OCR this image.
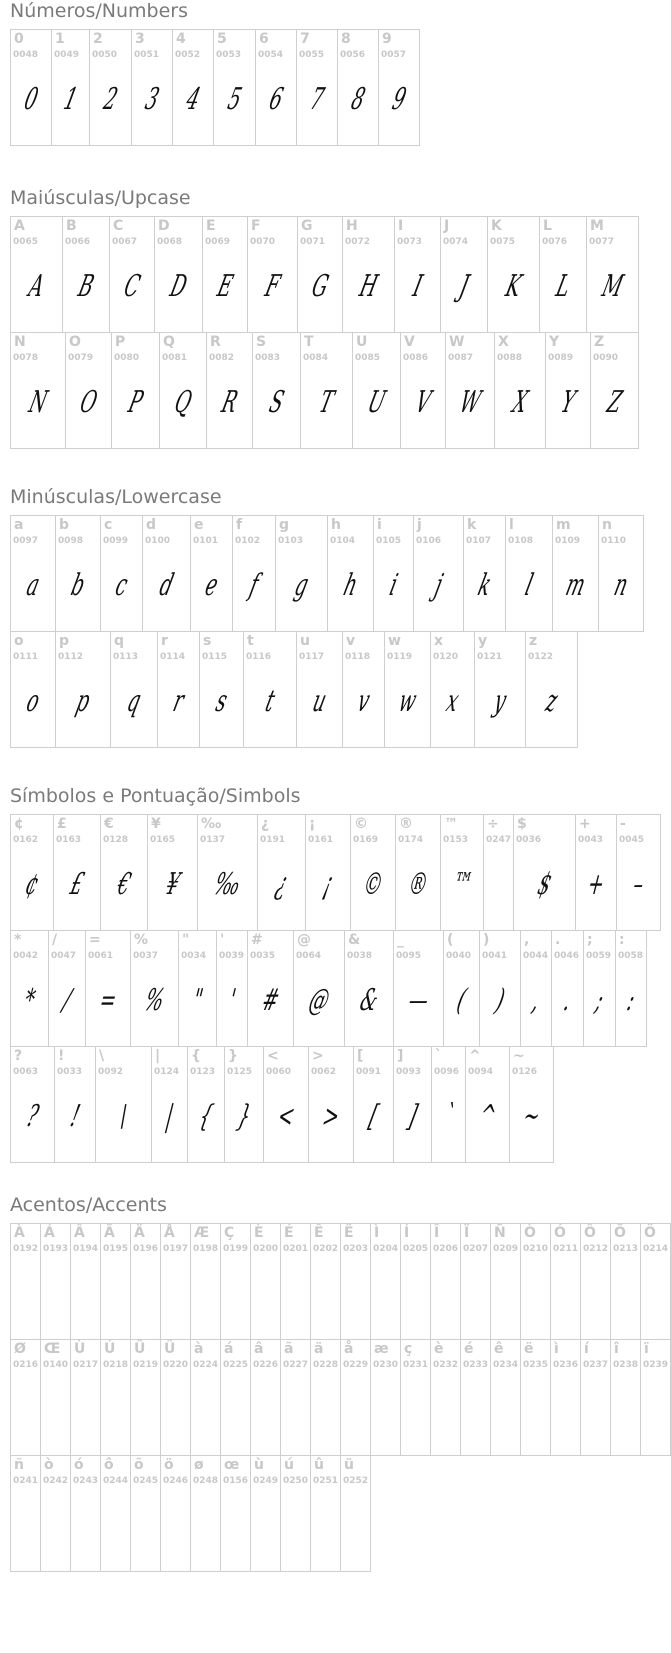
Números/Numbers
0
0048
0
1
0049
1
2
0050
2
3
0051
3
4
0052
4
5
0053
5
6
0054
6
7
0055
7
8
0056
8
9
0057
9
Maiúsculas/Upcase
A
0065
A
B
0066
B
C
0067
C
D
0068
D
E
0069
E
F
0070
F
G
0071
G
H
0072
H
I
0073
I
J
0074
J
K
0075
K
L
0076
L
M
0077
M
N
0078
N
O
0079
O
P
0080
P
Q
0081
Q
R
0082
R
S
0083
S
T
0084
T
U
0085
U
V
0086
V
W
0087
W
X
0088
X
Y
0089
Y
Z
0090
Z
Minúsculas/Lowercase
a
0097
a
b
0098
b
c
0099
c
d
0100
d
e
0101
e
f
0102
f
g
0103
g
h
0104
h
i
0105
i
j
0106
j
k
0107
k
l
0108
l
m
0109
m
n
0110
n
o
0111
o
p
0112
p
q
0113
q
r
0114
r
s
0115
s
t
0116
t
u
0117
u
v
0118
v
w
0119
w
x
0120
x
y
0121
y
z
0122
z
Símbolos e Pontuação/Simbols
¢
0162
¢
£
0163
£
€
0128
€
¥
0165
¥
‰
0137
‰
¿
0191
¿
¡
0161
¡
©
0169
©
®
0174
®
™
0153
™
÷
0247
$
0036
$
+
0043
+
-
0045
–
*
0042
*
/
0047
/
=
0061
=
%
0037
%
"
0034
"
'
0039
'
#
0035
#
@
0064
@
&
0038
&
_
0095
—
(
0040
(
)
0041
)
,
0044
,
.
0046
.
;
0059
;
:
0058
:
?
0063
?
!
0033
!
\
0092
\
|
0124
|
{
0123
{
}
0125
}
<
0060
<
>
0062
>
[
0091
[
]
0093
]
`
0096
`
^
0094
^
~
0126
~
Acentos/Accents
À
0192
Á
0193
Â
0194
Ã
0195
Ä
0196
Å
0197
Æ
0198
Ç
0199
È
0200
É
0201
Ê
0202
Ë
0203
Ì
0204
Í
0205
Î
0206
Ï
0207
Ñ
0209
Ò
0210
Ó
0211
Ô
0212
Õ
0213
Ö
0214
Ø
0216
Œ
0140
Ù
0217
Ú
0218
Û
0219
Ü
0220
à
0224
á
0225
â
0226
ã
0227
ä
0228
å
0229
æ
0230
ç
0231
è
0232
é
0233
ê
0234
ë
0235
ì
0236
í
0237
î
0238
ï
0239
ñ
0241
ò
0242
ó
0243
ô
0244
õ
0245
ö
0246
ø
0248
œ
0156
ù
0249
ú
0250
û
0251
ü
0252
